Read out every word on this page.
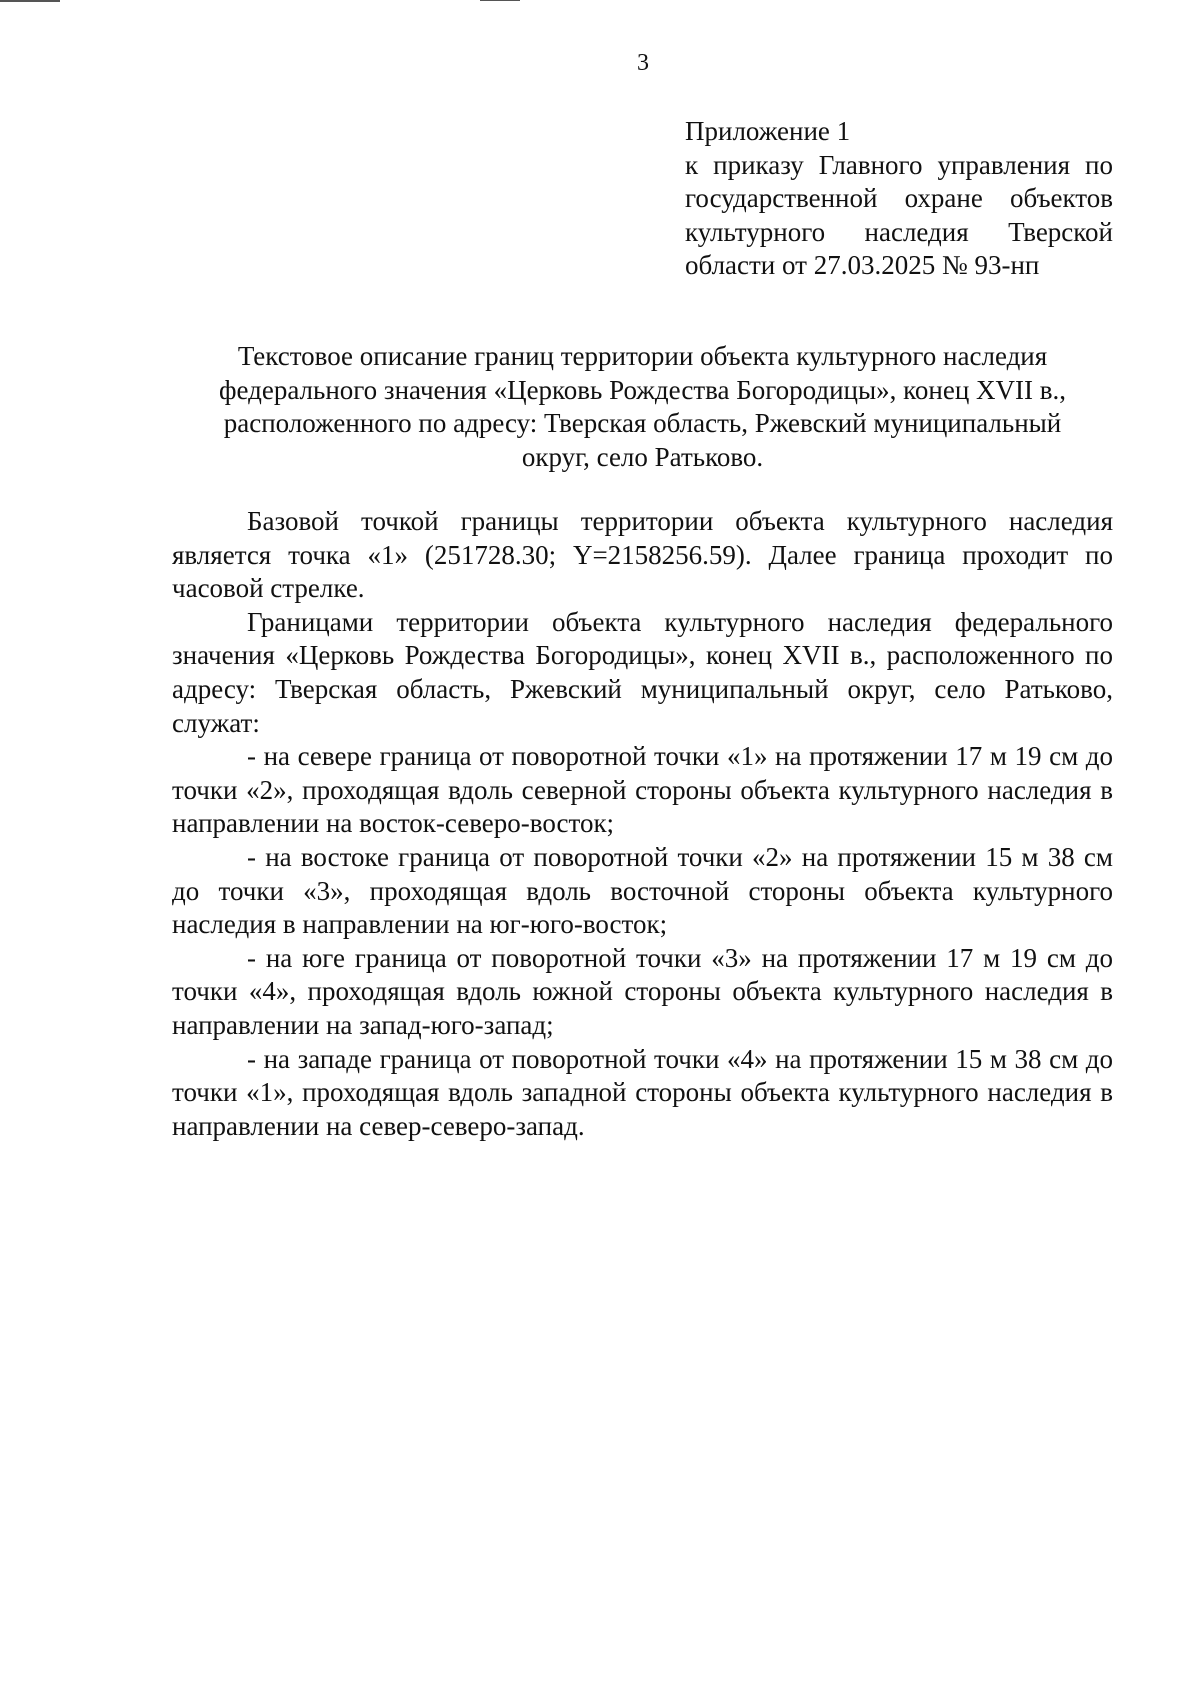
3
Приложение 1
к приказу Главного управления по
государственной охране объектов
культурного наследия Тверской
области от 27.03.2025 № 93-нп
Текстовое описание границ территории объекта культурного наследия
федерального значения «Церковь Рождества Богородицы», конец XVII в.,
расположенного по адресу: Тверская область, Ржевский муниципальный
округ, село Ратьково.

Базовой точкой границы территории объекта культурного наследия является точка «1» (251728.30; Y=2158256.59). Далее граница проходит по часовой стрелке.

Границами территории объекта культурного наследия федерального значения «Церковь Рождества Богородицы», конец XVII в., расположенного по адресу: Тверская область, Ржевский муниципальный округ, село Ратьково, служат:

- на севере граница от поворотной точки «1» на протяжении 17 м 19 см до точки «2», проходящая вдоль северной стороны объекта культурного наследия в направлении на восток-северо-восток;

- на востоке граница от поворотной точки «2» на протяжении 15 м 38 см до точки «3», проходящая вдоль восточной стороны объекта культурного наследия в направлении на юг-юго-восток;

- на юге граница от поворотной точки «3» на протяжении 17 м 19 см до точки «4», проходящая вдоль южной стороны объекта культурного наследия в направлении на запад-юго-запад;

- на западе граница от поворотной точки «4» на протяжении 15 м 38 см до точки «1», проходящая вдоль западной стороны объекта культурного наследия в направлении на север-северо-запад.
